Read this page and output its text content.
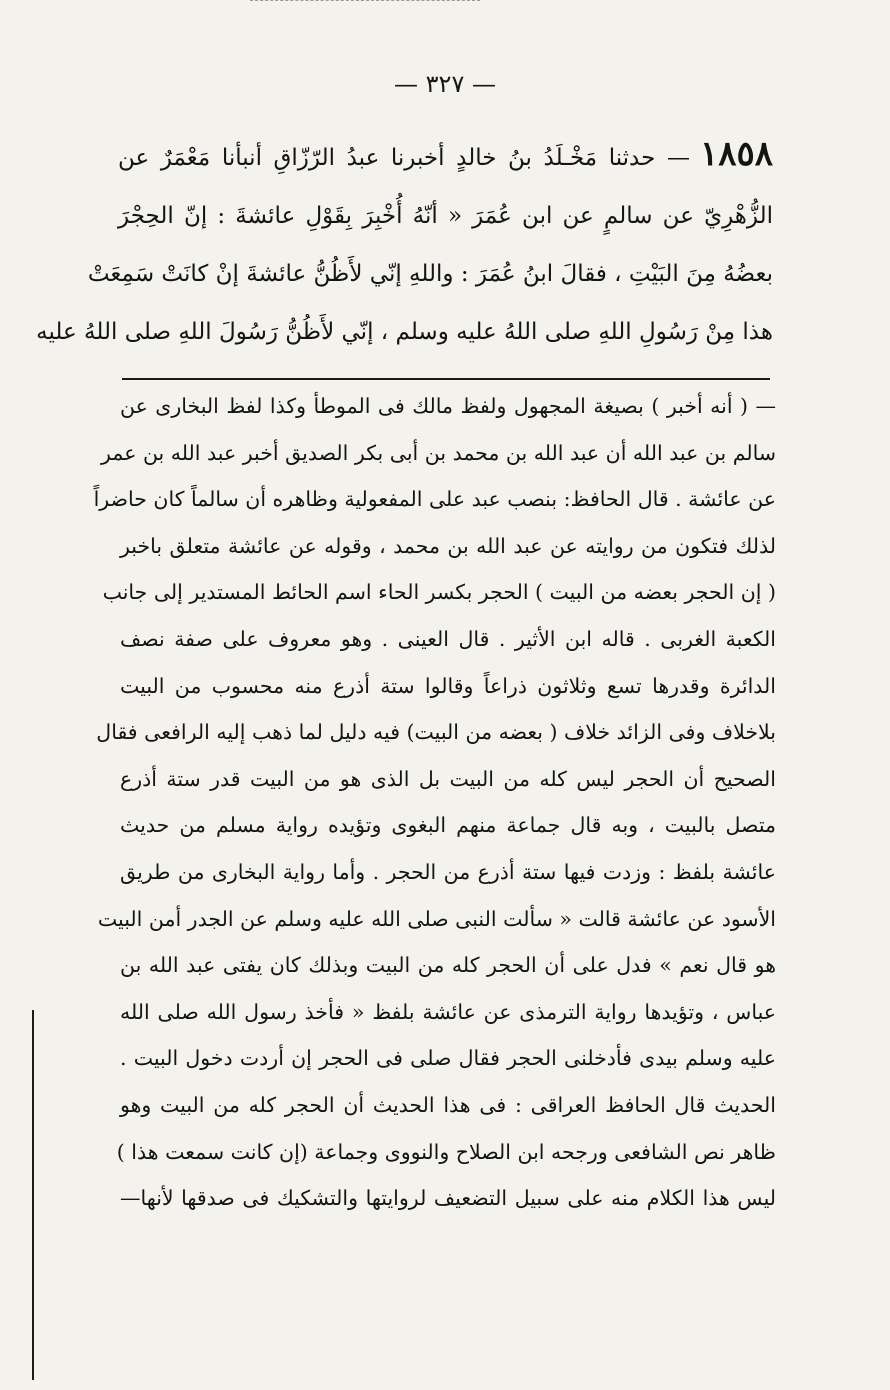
— ٣٢٧ —
١٨٥٨— حدثنا مَخْـلَدُ بنُ خالدٍ أخبرنا عبدُ الرّزّاقِ أنبأنا مَعْمَرٌ عن
الزُّهْرِيّ عن سالمٍ عن ابن عُمَرَ « أنّهُ أُخْبِرَ بِقَوْلِ عائشةَ : إنّ الحِجْرَ
بعضُهُ مِنَ البَيْتِ ، فقالَ ابنُ عُمَرَ : واللهِ إنّي لأَظُنُّ عائشةَ إنْ كانَتْ سَمِعَتْ
هذا مِنْ رَسُولِ اللهِ صلى اللهُ عليه وسلم ، إنّي لأَظُنُّ رَسُولَ اللهِ صلى اللهُ عليه
— ( أنه أخبر ) بصيغة المجهول ولفظ مالك فى الموطأ وكذا لفظ البخارى عن
سالم بن عبد الله أن عبد الله بن محمد بن أبى بكر الصديق أخبر عبد الله بن عمر
عن عائشة . قال الحافظ: بنصب عبد على المفعولية وظاهره أن سالماً كان حاضراً
لذلك فتكون من روايته عن عبد الله بن محمد ، وقوله عن عائشة متعلق باخبر
( إن الحجر بعضه من البيت ) الحجر بكسر الحاء اسم الحائط المستدير إلى جانب
الكعبة الغربى . قاله ابن الأثير . قال العينى . وهو معروف على صفة نصف
الدائرة وقدرها تسع وثلاثون ذراعاً وقالوا ستة أذرع منه محسوب من البيت
بلاخلاف وفى الزائد خلاف ( بعضه من البيت) فيه دليل لما ذهب إليه الرافعى فقال
الصحيح أن الحجر ليس كله من البيت بل الذى هو من البيت قدر ستة أذرع
متصل بالبيت ، وبه قال جماعة منهم البغوى وتؤيده رواية مسلم من حديث
عائشة بلفظ : وزدت فيها ستة أذرع من الحجر . وأما رواية البخارى من طريق
الأسود عن عائشة قالت « سألت النبى صلى الله عليه وسلم عن الجدر أمن البيت
هو قال نعم » فدل على أن الحجر كله من البيت وبذلك كان يفتى عبد الله بن
عباس ، وتؤيدها رواية الترمذى عن عائشة بلفظ « فأخذ رسول الله صلى الله
عليه وسلم بيدى فأدخلنى الحجر فقال صلى فى الحجر إن أردت دخول البيت .
الحديث قال الحافظ العراقى : فى هذا الحديث أن الحجر كله من البيت وهو
ظاهر نص الشافعى ورجحه ابن الصلاح والنووى وجماعة (إن كانت سمعت هذا )
ليس هذا الكلام منه على سبيل التضعيف لروايتها والتشكيك فى صدقها لأنها—
